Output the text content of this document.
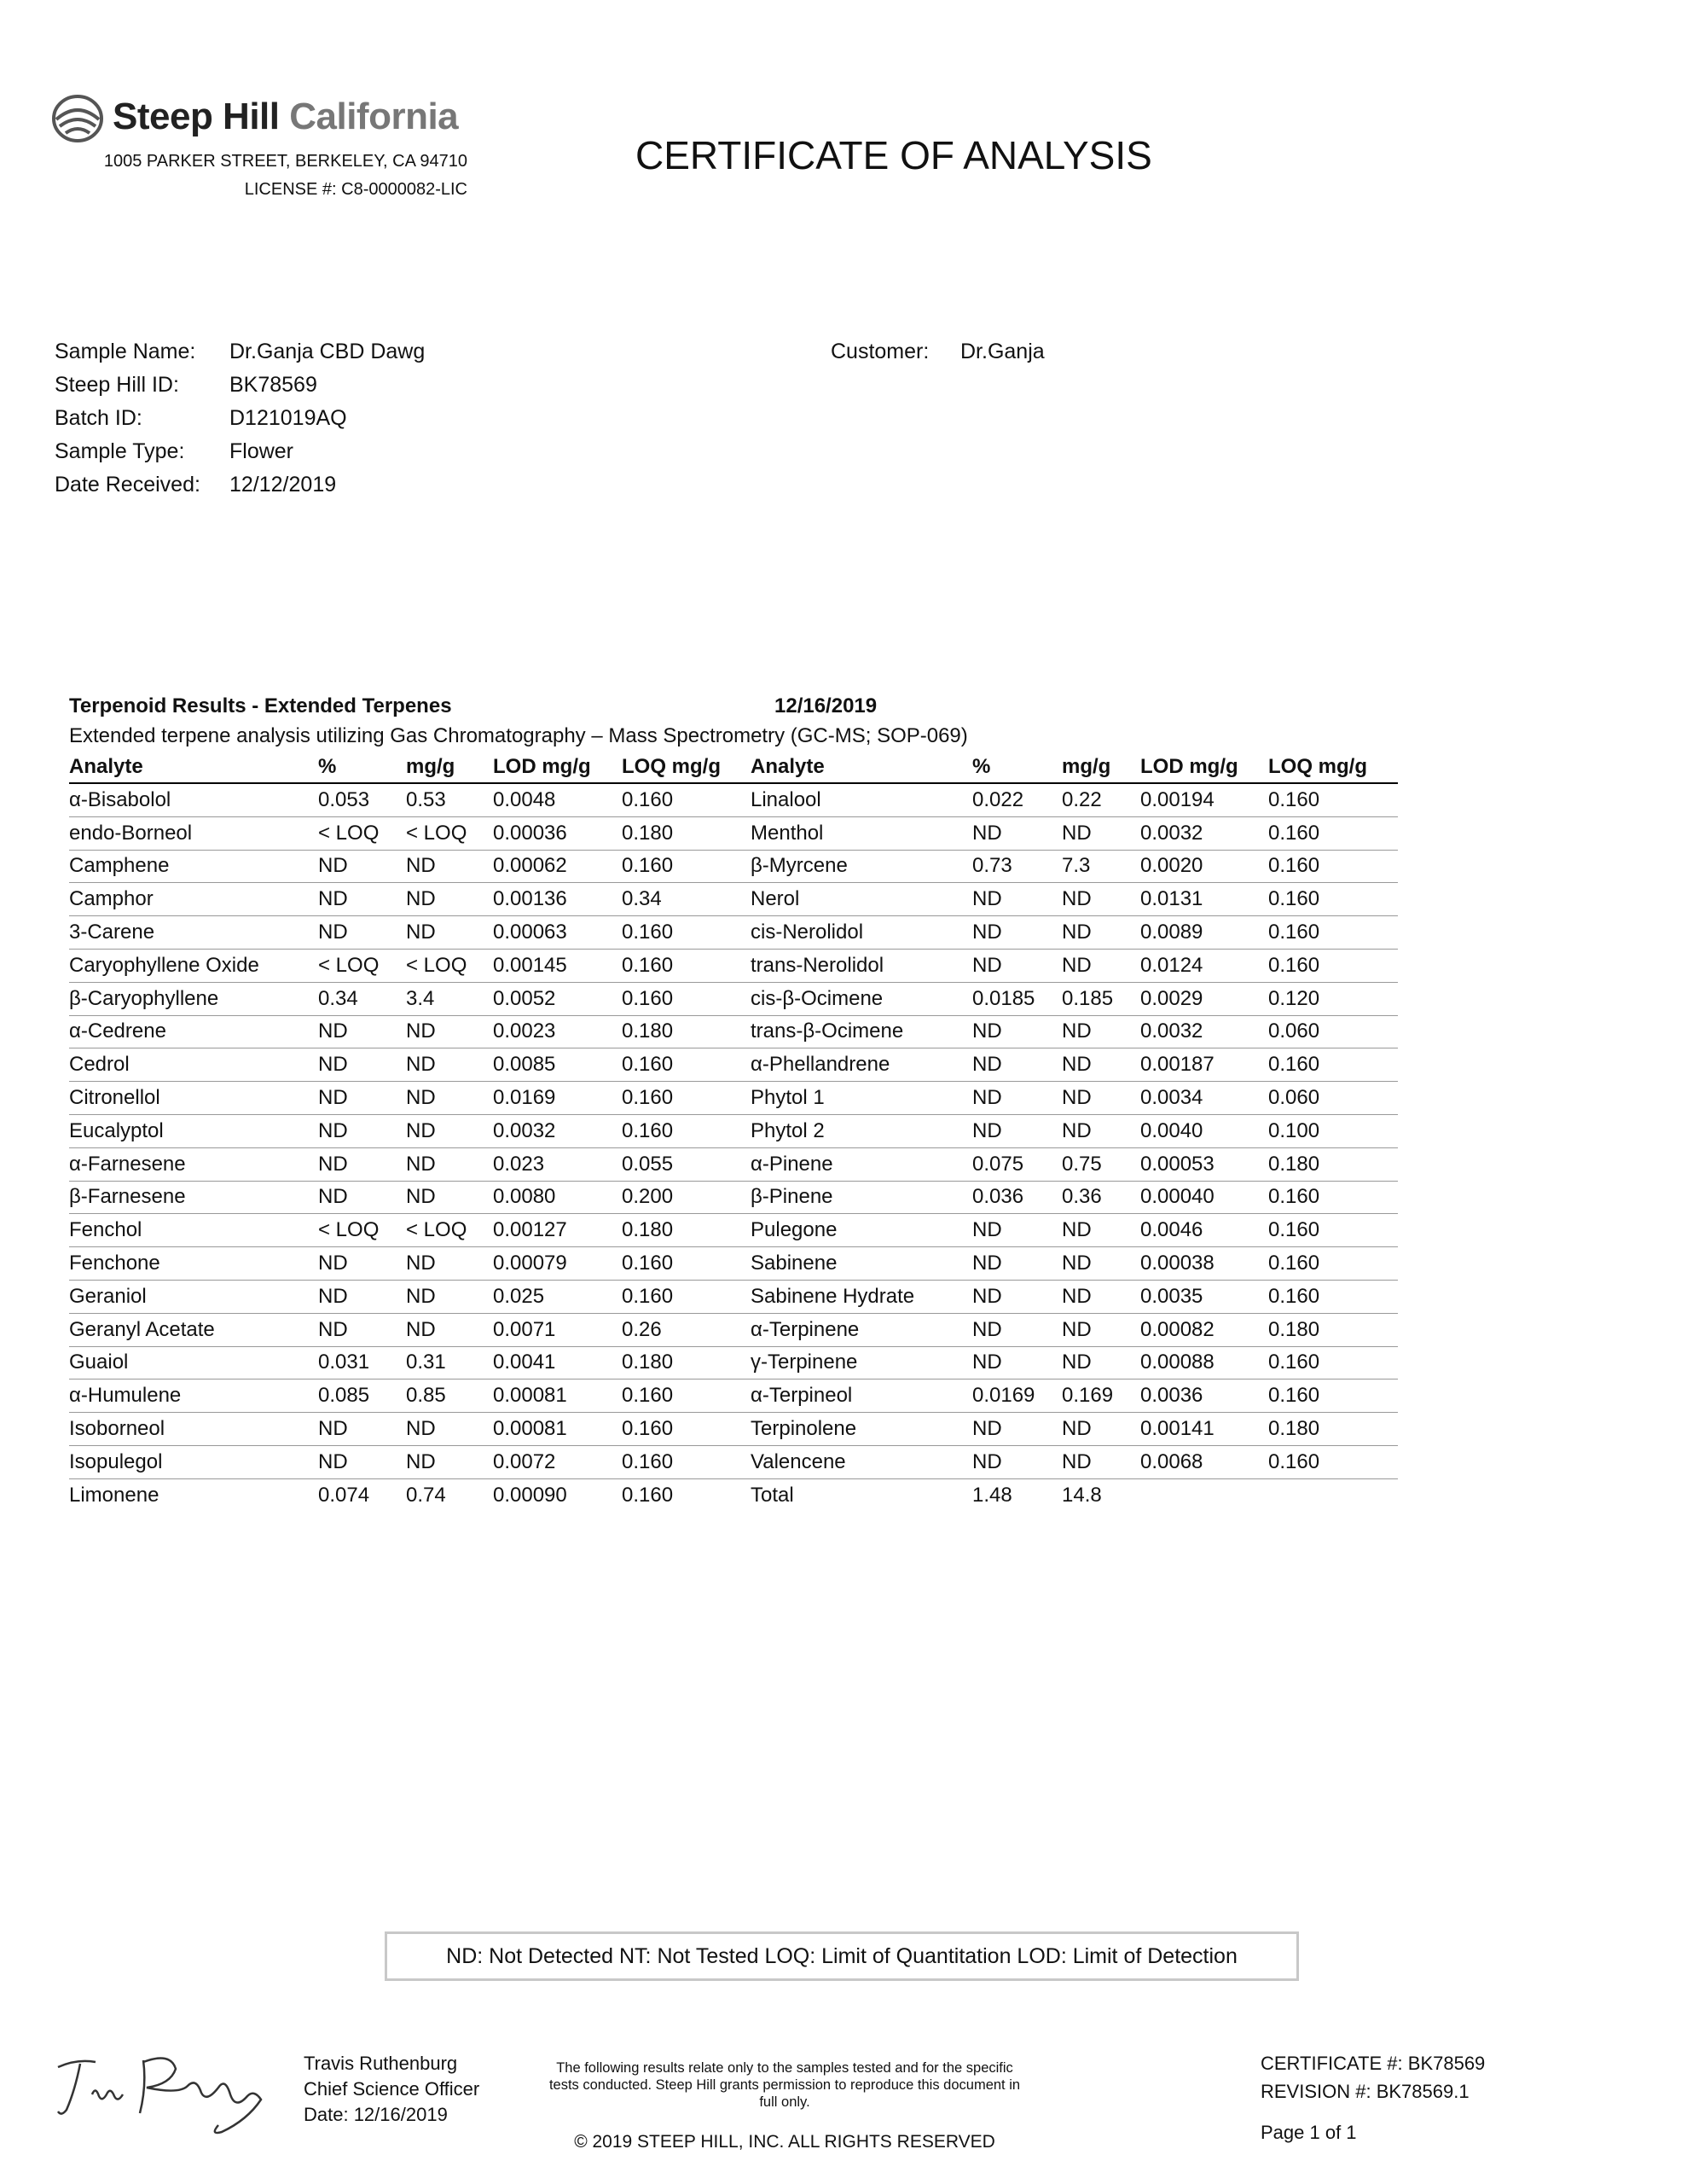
Steep Hill California
1005 PARKER STREET, BERKELEY, CA 94710
LICENSE #: C8-0000082-LIC
CERTIFICATE OF ANALYSIS
Sample Name: Dr.Ganja CBD Dawg
Steep Hill ID: BK78569
Batch ID:	D121019AQ
Sample Type: Flower
Date Received: 12/12/2019
Customer: Dr.Ganja
Terpenoid Results - Extended Terpenes	12/16/2019
Extended terpene analysis utilizing Gas Chromatography – Mass Spectrometry (GC-MS; SOP-069)
Analyte	%	mg/g	LOD mg/g	LOQ mg/g	Analyte	%	mg/g	LOD mg/g	LOQ mg/g
α-Bisabolol	0.053	0.53	0.0048	0.160	Linalool	0.022	0.22	0.00194	0.160
endo-Borneol	< LOQ	< LOQ	0.00036	0.180	Menthol	ND	ND	0.0032	0.160
Camphene	ND	ND	0.00062	0.160	β-Myrcene	0.73	7.3	0.0020	0.160
Camphor	ND	ND	0.00136	0.34	Nerol	ND	ND	0.0131	0.160
3-Carene	ND	ND	0.00063	0.160	cis-Nerolidol	ND	ND	0.0089	0.160
Caryophyllene Oxide	< LOQ	< LOQ	0.00145	0.160	trans-Nerolidol	ND	ND	0.0124	0.160
β-Caryophyllene	0.34	3.4	0.0052	0.160	cis-β-Ocimene	0.0185	0.185	0.0029	0.120
α-Cedrene	ND	ND	0.0023	0.180	trans-β-Ocimene	ND	ND	0.0032	0.060
Cedrol	ND	ND	0.0085	0.160	α-Phellandrene	ND	ND	0.00187	0.160
Citronellol	ND	ND	0.0169	0.160	Phytol 1	ND	ND	0.0034	0.060
Eucalyptol	ND	ND	0.0032	0.160	Phytol 2	ND	ND	0.0040	0.100
α-Farnesene	ND	ND	0.023	0.055	α-Pinene	0.075	0.75	0.00053	0.180
β-Farnesene	ND	ND	0.0080	0.200	β-Pinene	0.036	0.36	0.00040	0.160
Fenchol	< LOQ	< LOQ	0.00127	0.180	Pulegone	ND	ND	0.0046	0.160
Fenchone	ND	ND	0.00079	0.160	Sabinene	ND	ND	0.00038	0.160
Geraniol	ND	ND	0.025	0.160	Sabinene Hydrate	ND	ND	0.0035	0.160
Geranyl Acetate	ND	ND	0.0071	0.26	α-Terpinene	ND	ND	0.00082	0.180
Guaiol	0.031	0.31	0.0041	0.180	γ-Terpinene	ND	ND	0.00088	0.160
α-Humulene	0.085	0.85	0.00081	0.160	α-Terpineol	0.0169	0.169	0.0036	0.160
Isoborneol	ND	ND	0.00081	0.160	Terpinolene	ND	ND	0.00141	0.180
Isopulegol	ND	ND	0.0072	0.160	Valencene	ND	ND	0.0068	0.160
Limonene	0.074	0.74	0.00090	0.160	Total	1.48	14.8		
ND: Not Detected NT: Not Tested LOQ: Limit of Quantitation LOD: Limit of Detection
Travis Ruthenburg
Chief Science Officer
Date: 12/16/2019
The following results relate only to the samples tested and for the specific tests conducted. Steep Hill grants permission to reproduce this document in full only.
© 2019 STEEP HILL, INC. ALL RIGHTS RESERVED
CERTIFICATE #: BK78569
REVISION #: BK78569.1
Page 1 of 1
